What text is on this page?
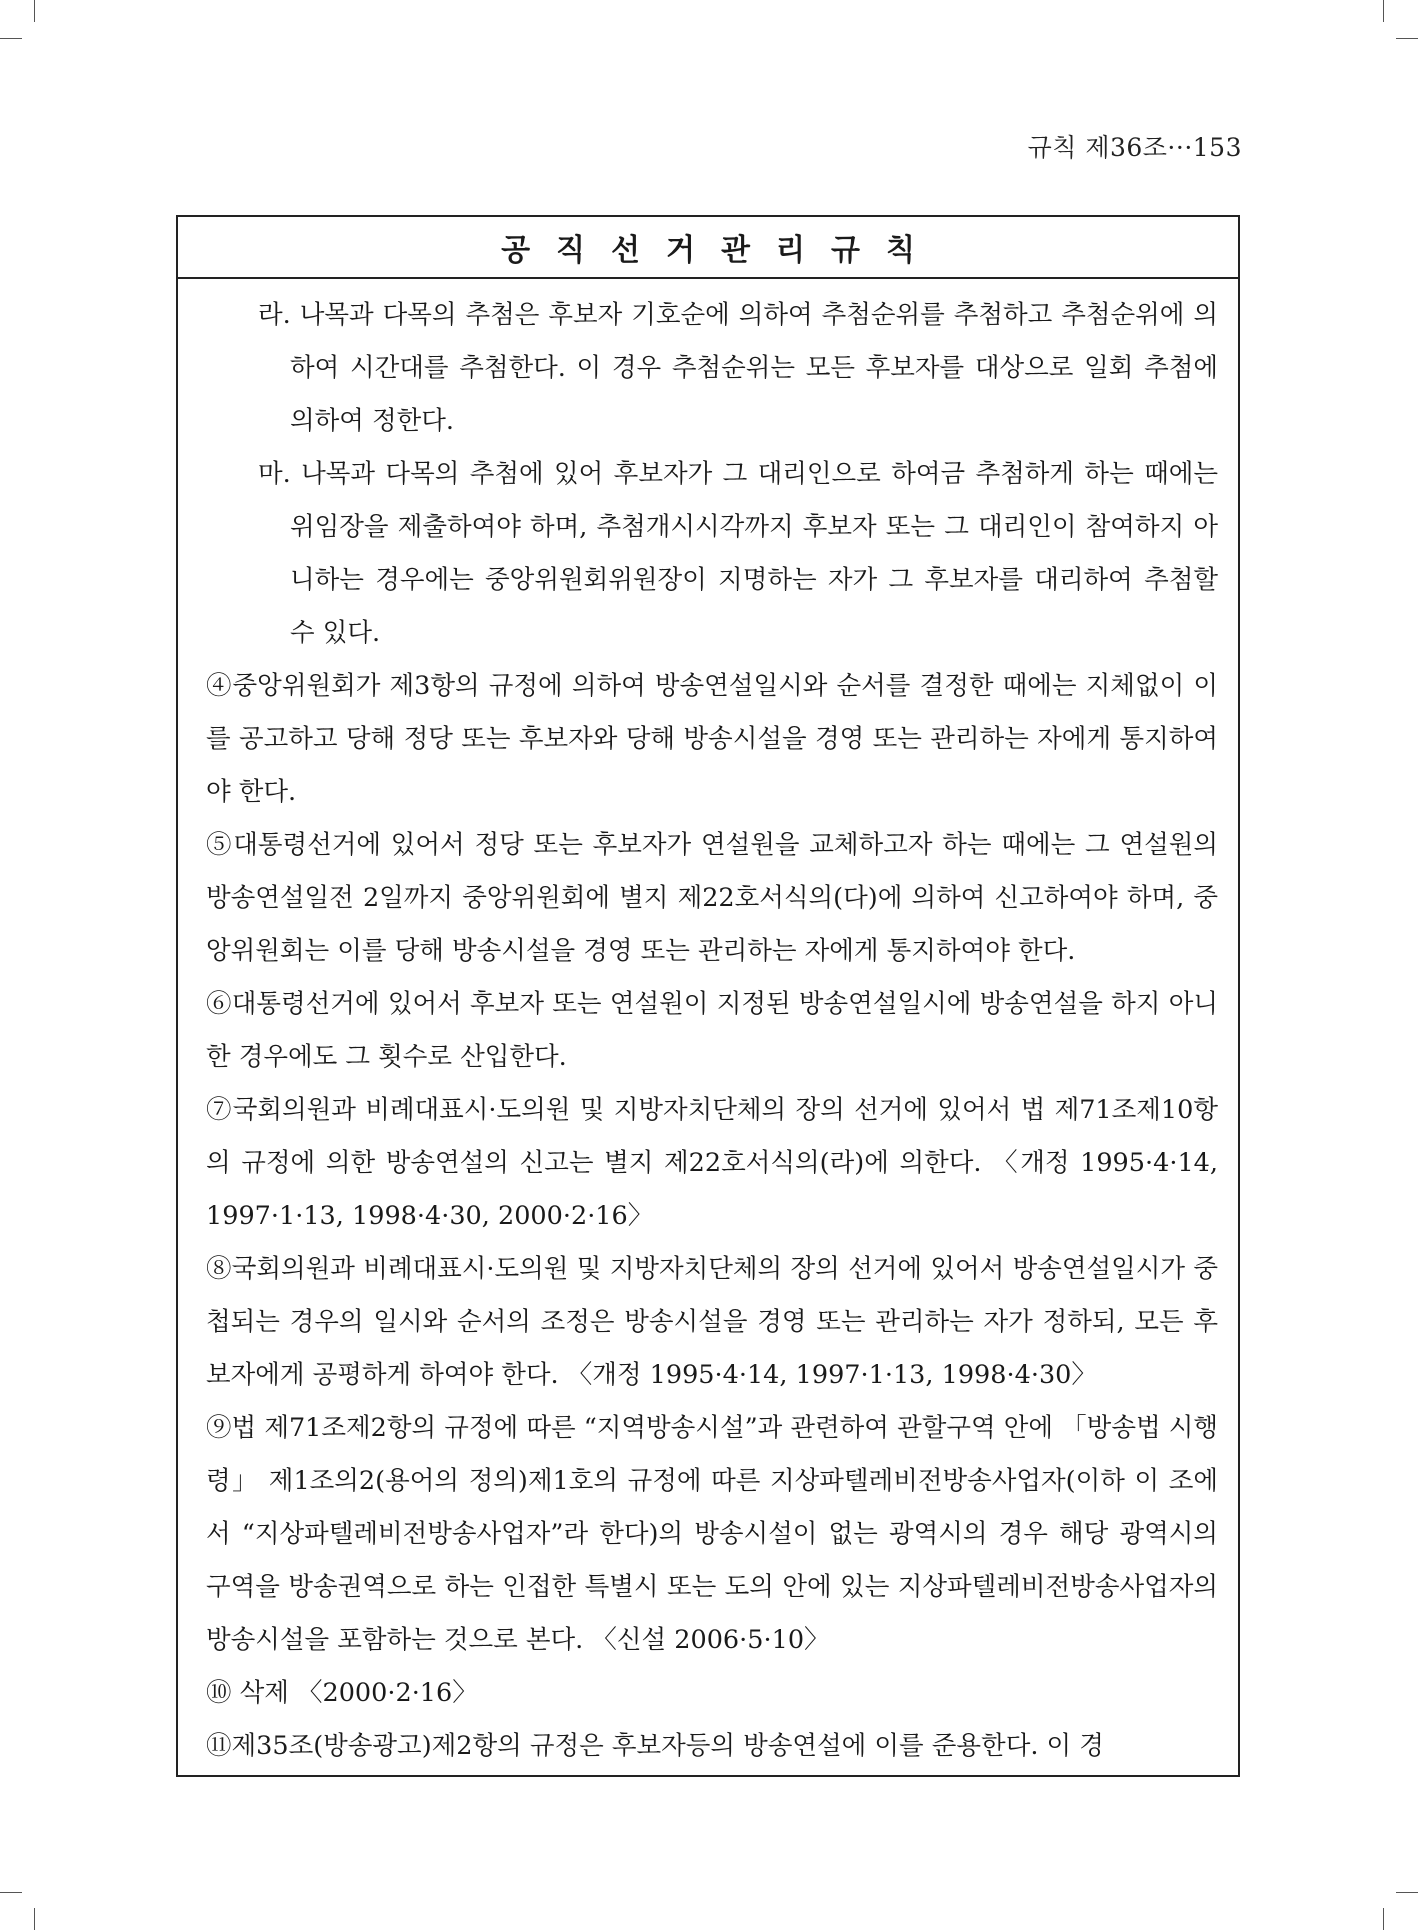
규칙 제36조···153
공직선거관리규칙

라. 나목과 다목의 추첨은 후보자 기호순에 의하여 추첨순위를 추첨하고 추첨순위에 의하여 시간대를 추첨한다. 이 경우 추첨순위는 모든 후보자를 대상으로 일회 추첨에 의하여 정한다.

마. 나목과 다목의 추첨에 있어 후보자가 그 대리인으로 하여금 추첨하게 하는 때에는 위임장을 제출하여야 하며, 추첨개시시각까지 후보자 또는 그 대리인이 참여하지 아니하는 경우에는 중앙위원회위원장이 지명하는 자가 그 후보자를 대리하여 추첨할 수 있다.

④중앙위원회가 제3항의 규정에 의하여 방송연설일시와 순서를 결정한 때에는 지체없이 이를 공고하고 당해 정당 또는 후보자와 당해 방송시설을 경영 또는 관리하는 자에게 통지하여야 한다.

⑤대통령선거에 있어서 정당 또는 후보자가 연설원을 교체하고자 하는 때에는 그 연설원의 방송연설일전 2일까지 중앙위원회에 별지 제22호서식의(다)에 의하여 신고하여야 하며, 중앙위원회는 이를 당해 방송시설을 경영 또는 관리하는 자에게 통지하여야 한다.

⑥대통령선거에 있어서 후보자 또는 연설원이 지정된 방송연설일시에 방송연설을 하지 아니한 경우에도 그 횟수로 산입한다.

⑦국회의원과 비례대표시·도의원 및 지방자치단체의 장의 선거에 있어서 법 제71조제10항의 규정에 의한 방송연설의 신고는 별지 제22호서식의(라)에 의한다. 〈개정 1995·4·14, 1997·1·13, 1998·4·30, 2000·2·16〉

⑧국회의원과 비례대표시·도의원 및 지방자치단체의 장의 선거에 있어서 방송연설일시가 중첩되는 경우의 일시와 순서의 조정은 방송시설을 경영 또는 관리하는 자가 정하되, 모든 후보자에게 공평하게 하여야 한다. 〈개정 1995·4·14, 1997·1·13, 1998·4·30〉

⑨법 제71조제2항의 규정에 따른 “지역방송시설”과 관련하여 관할구역 안에 「방송법 시행령」 제1조의2(용어의 정의)제1호의 규정에 따른 지상파텔레비전방송사업자(이하 이 조에서 “지상파텔레비전방송사업자”라 한다)의 방송시설이 없는 광역시의 경우 해당 광역시의 구역을 방송권역으로 하는 인접한 특별시 또는 도의 안에 있는 지상파텔레비전방송사업자의 방송시설을 포함하는 것으로 본다. 〈신설 2006·5·10〉

⑩ 삭제 〈2000·2·16〉

⑪제35조(방송광고)제2항의 규정은 후보자등의 방송연설에 이를 준용한다. 이 경
